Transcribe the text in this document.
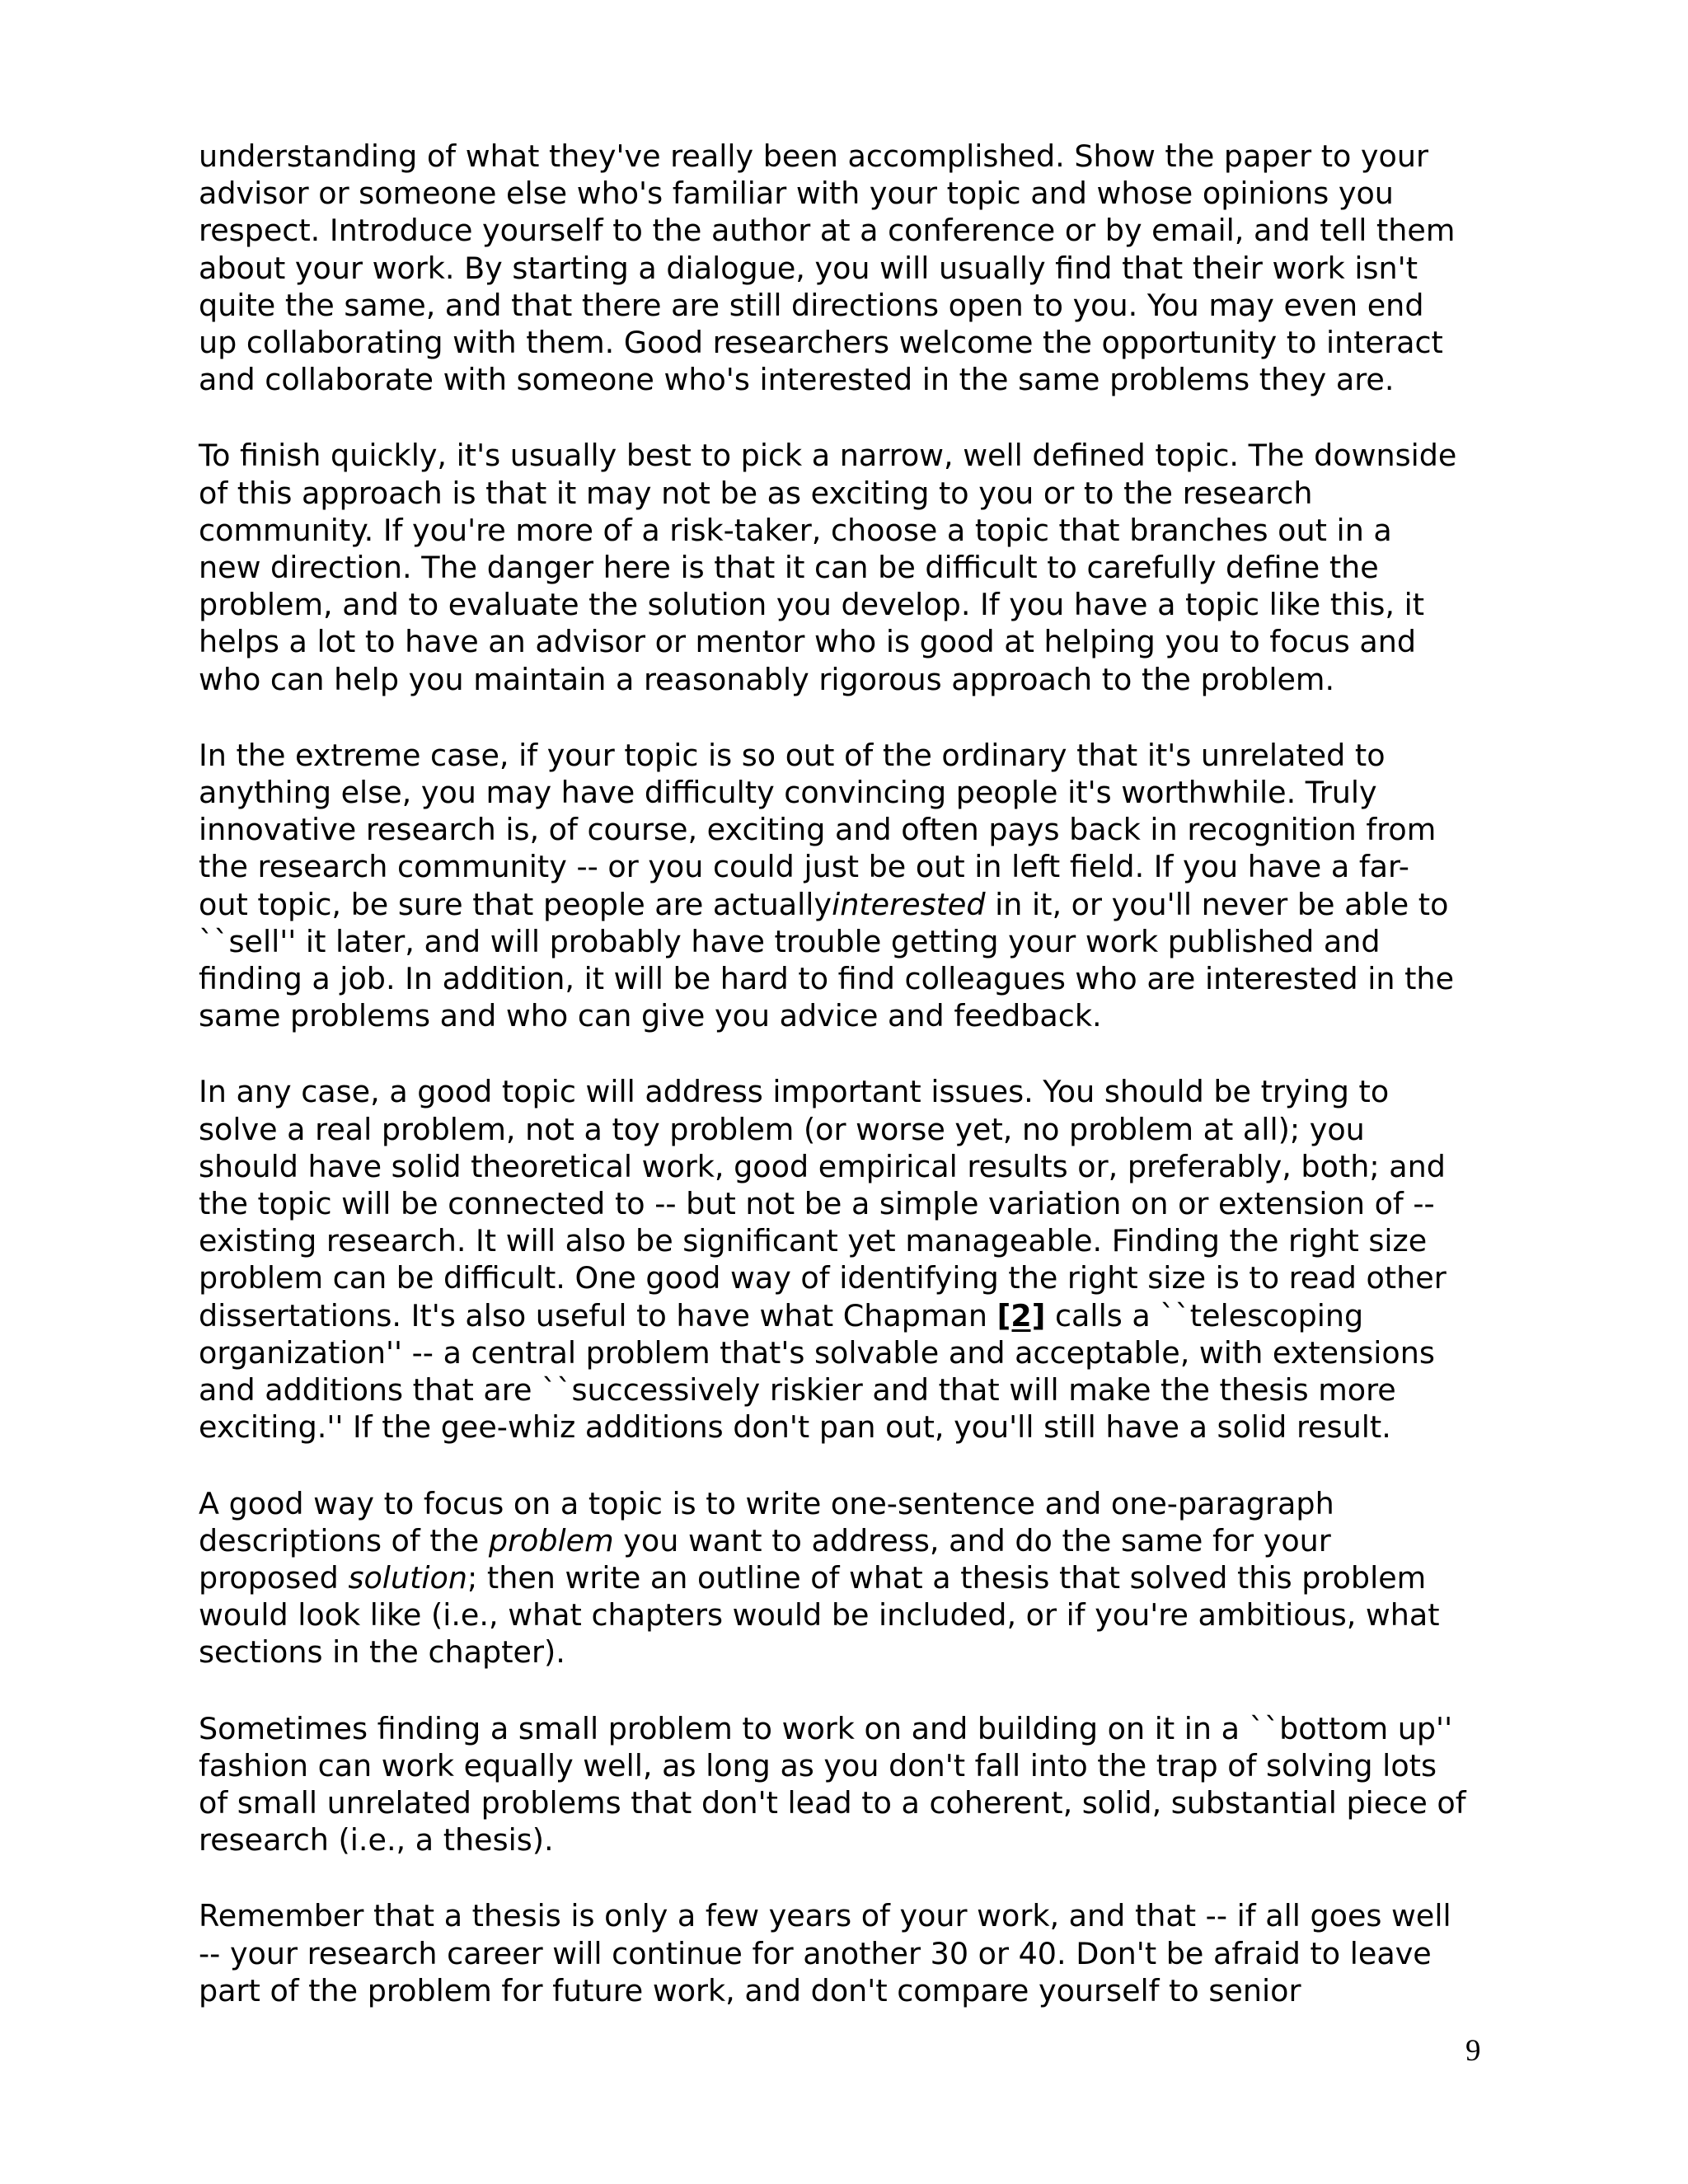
understanding of what they've really been accomplished. Show the paper to your
advisor or someone else who's familiar with your topic and whose opinions you
respect. Introduce yourself to the author at a conference or by email, and tell them
about your work. By starting a dialogue, you will usually find that their work isn't
quite the same, and that there are still directions open to you. You may even end
up collaborating with them. Good researchers welcome the opportunity to interact
and collaborate with someone who's interested in the same problems they are.

To finish quickly, it's usually best to pick a narrow, well defined topic. The downside
of this approach is that it may not be as exciting to you or to the research
community. If you're more of a risk-taker, choose a topic that branches out in a
new direction. The danger here is that it can be difficult to carefully define the
problem, and to evaluate the solution you develop. If you have a topic like this, it
helps a lot to have an advisor or mentor who is good at helping you to focus and
who can help you maintain a reasonably rigorous approach to the problem.

In the extreme case, if your topic is so out of the ordinary that it's unrelated to
anything else, you may have difficulty convincing people it's worthwhile. Truly
innovative research is, of course, exciting and often pays back in recognition from
the research community -- or you could just be out in left field. If you have a far-
out topic, be sure that people are actuallyinterested in it, or you'll never be able to
``sell'' it later, and will probably have trouble getting your work published and
finding a job. In addition, it will be hard to find colleagues who are interested in the
same problems and who can give you advice and feedback.

In any case, a good topic will address important issues. You should be trying to
solve a real problem, not a toy problem (or worse yet, no problem at all); you
should have solid theoretical work, good empirical results or, preferably, both; and
the topic will be connected to -- but not be a simple variation on or extension of --
existing research. It will also be significant yet manageable. Finding the right size
problem can be difficult. One good way of identifying the right size is to read other
dissertations. It's also useful to have what Chapman [2] calls a ``telescoping
organization'' -- a central problem that's solvable and acceptable, with extensions
and additions that are ``successively riskier and that will make the thesis more
exciting.'' If the gee-whiz additions don't pan out, you'll still have a solid result.

A good way to focus on a topic is to write one-sentence and one-paragraph
descriptions of the problem you want to address, and do the same for your
proposed solution; then write an outline of what a thesis that solved this problem
would look like (i.e., what chapters would be included, or if you're ambitious, what
sections in the chapter).

Sometimes finding a small problem to work on and building on it in a ``bottom up''
fashion can work equally well, as long as you don't fall into the trap of solving lots
of small unrelated problems that don't lead to a coherent, solid, substantial piece of
research (i.e., a thesis).

Remember that a thesis is only a few years of your work, and that -- if all goes well
-- your research career will continue for another 30 or 40. Don't be afraid to leave
part of the problem for future work, and don't compare yourself to senior

9
